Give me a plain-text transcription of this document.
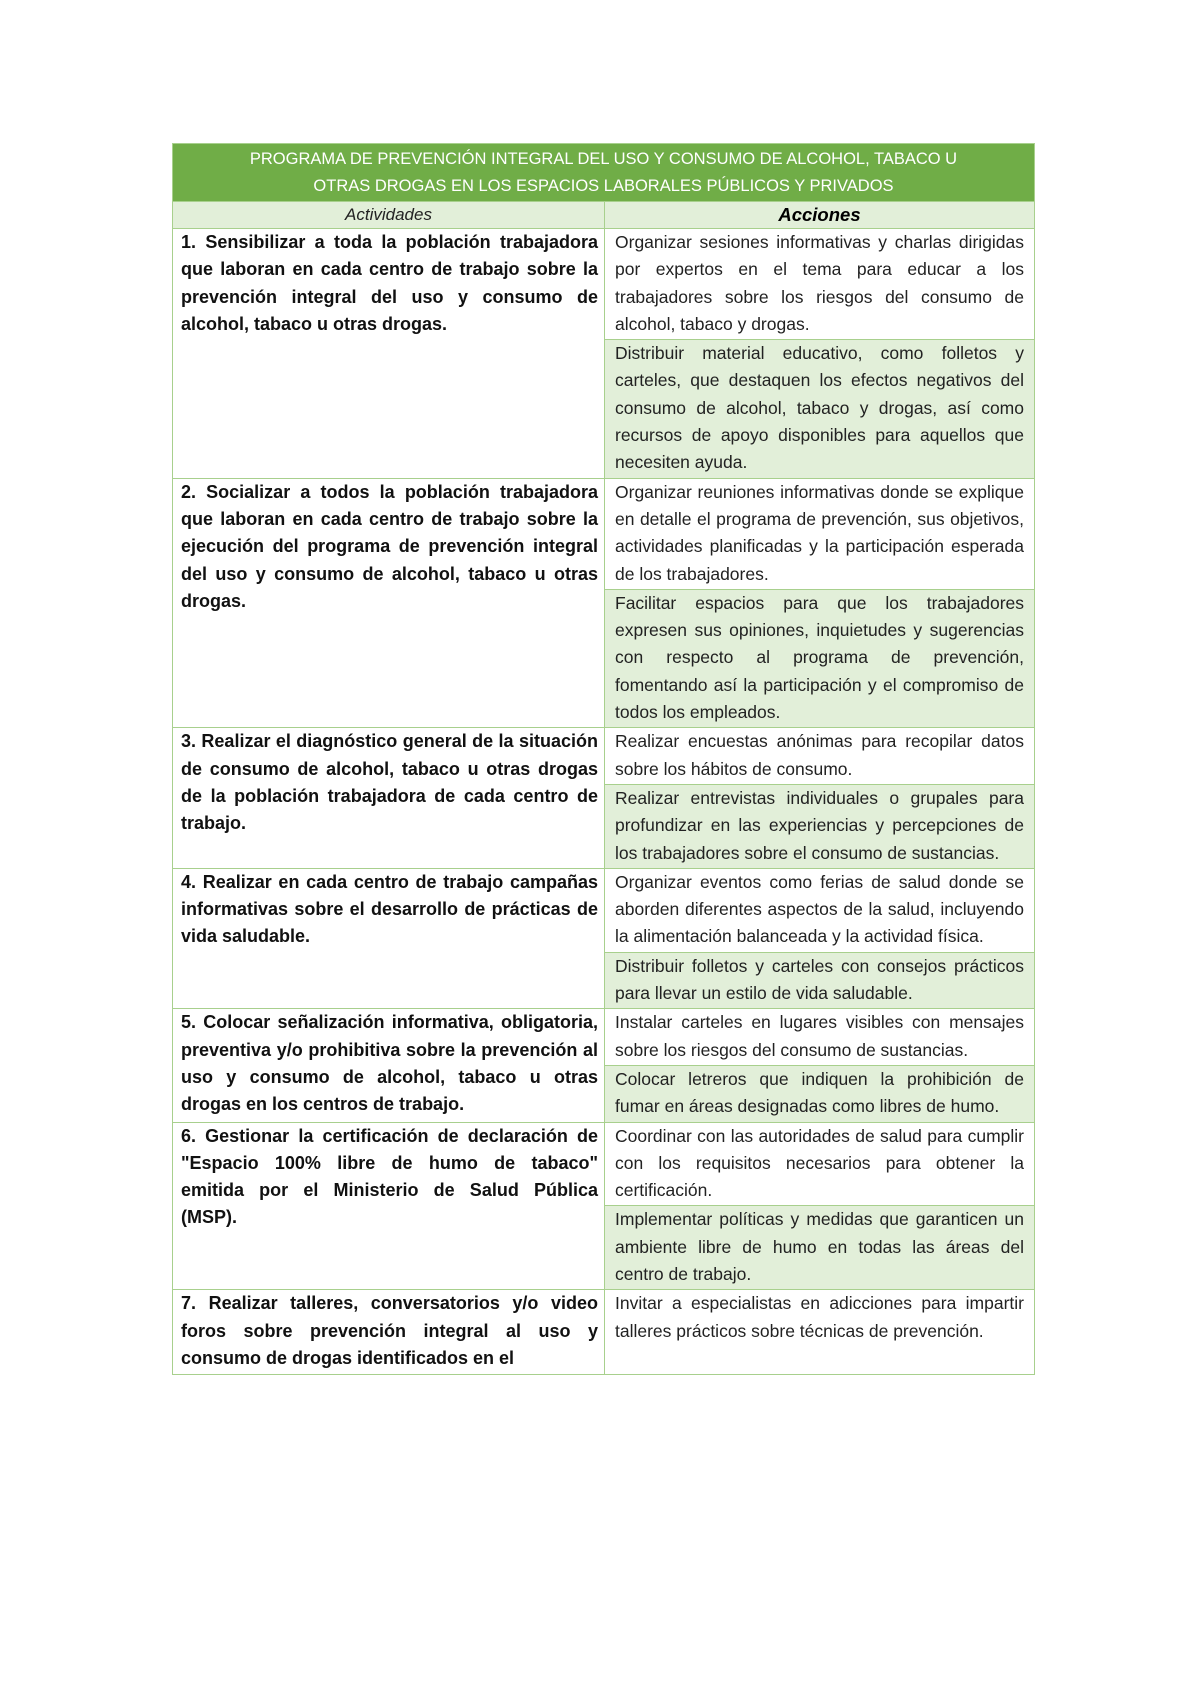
PROGRAMA DE PREVENCIÓN INTEGRAL DEL USO Y CONSUMO DE ALCOHOL, TABACO U
OTRAS DROGAS EN LOS ESPACIOS LABORALES PÚBLICOS Y PRIVADOS	

Actividades	Acciones
1. Sensibilizar a toda la población trabajadora que laboran en cada centro de trabajo sobre la prevención integral del uso y consumo de alcohol, tabaco u otras drogas.	Organizar sesiones informativas y charlas dirigidas por expertos en el tema para educar a los trabajadores sobre los riesgos del consumo de alcohol, tabaco y drogas.
	Distribuir material educativo, como folletos y carteles, que destaquen los efectos negativos del consumo de alcohol, tabaco y drogas, así como recursos de apoyo disponibles para aquellos que necesiten ayuda.
2. Socializar a todos la población trabajadora que laboran en cada centro de trabajo sobre la ejecución del programa de prevención integral del uso y consumo de alcohol, tabaco u otras drogas.	Organizar reuniones informativas donde se explique en detalle el programa de prevención, sus objetivos, actividades planificadas y la participación esperada de los trabajadores.
	Facilitar espacios para que los trabajadores expresen sus opiniones, inquietudes y sugerencias con respecto al programa de prevención, fomentando así la participación y el compromiso de todos los empleados.
3. Realizar el diagnóstico general de la situación de consumo de alcohol, tabaco u otras drogas de la población trabajadora de cada centro de trabajo.	Realizar encuestas anónimas para recopilar datos sobre los hábitos de consumo.
	Realizar entrevistas individuales o grupales para profundizar en las experiencias y percepciones de los trabajadores sobre el consumo de sustancias.
4. Realizar en cada centro de trabajo campañas informativas sobre el desarrollo de prácticas de vida saludable.	Organizar eventos como ferias de salud donde se aborden diferentes aspectos de la salud, incluyendo la alimentación balanceada y la actividad física.
	Distribuir folletos y carteles con consejos prácticos para llevar un estilo de vida saludable.
5. Colocar señalización informativa, obligatoria, preventiva y/o prohibitiva sobre la prevención al uso y consumo de alcohol, tabaco u otras drogas en los centros de trabajo.	Instalar carteles en lugares visibles con mensajes sobre los riesgos del consumo de sustancias.
	Colocar letreros que indiquen la prohibición de fumar en áreas designadas como libres de humo.
6. Gestionar la certificación de declaración de "Espacio 100% libre de humo de tabaco" emitida por el Ministerio de Salud Pública (MSP).	Coordinar con las autoridades de salud para cumplir con los requisitos necesarios para obtener la certificación.
	Implementar políticas y medidas que garanticen un ambiente libre de humo en todas las áreas del centro de trabajo.
7. Realizar talleres, conversatorios y/o video foros sobre prevención integral al uso y consumo de drogas identificados en el	Invitar a especialistas en adicciones para impartir talleres prácticos sobre técnicas de prevención.
